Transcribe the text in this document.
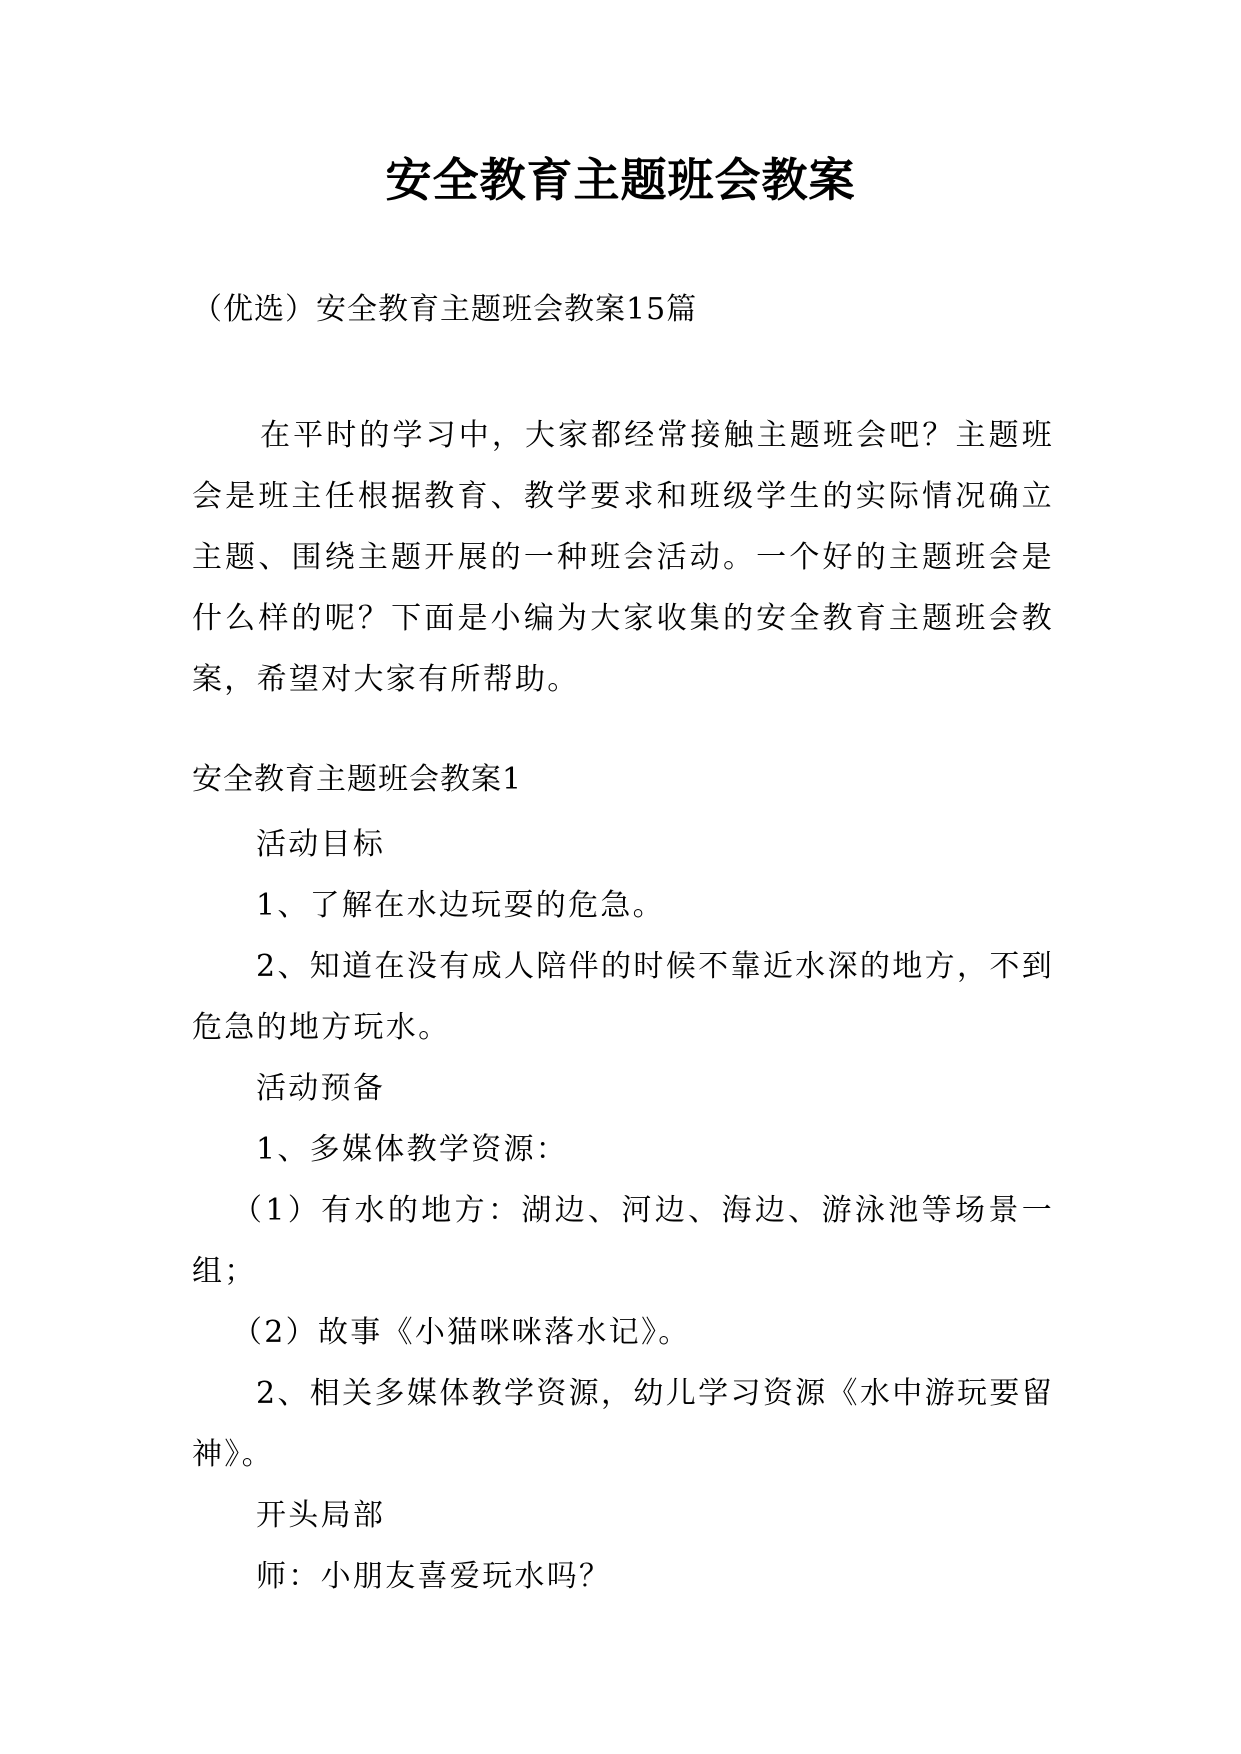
安全教育主题班会教案
（优选）安全教育主题班会教案15篇

在平时的学习中，大家都经常接触主题班会吧？主题班会是班主任根据教育、教学要求和班级学生的实际情况确立主题、围绕主题开展的一种班会活动。一个好的主题班会是什么样的呢？下面是小编为大家收集的安全教育主题班会教案，希望对大家有所帮助。

安全教育主题班会教案1

活动目标

1、了解在水边玩耍的危急。

2、知道在没有成人陪伴的时候不靠近水深的地方，不到危急的地方玩水。

活动预备

1、多媒体教学资源：

（1）有水的地方：湖边、河边、海边、游泳池等场景一组；

（2）故事《小猫咪咪落水记》。

2、相关多媒体教学资源，幼儿学习资源《水中游玩要留神》。

开头局部

师：小朋友喜爱玩水吗？
